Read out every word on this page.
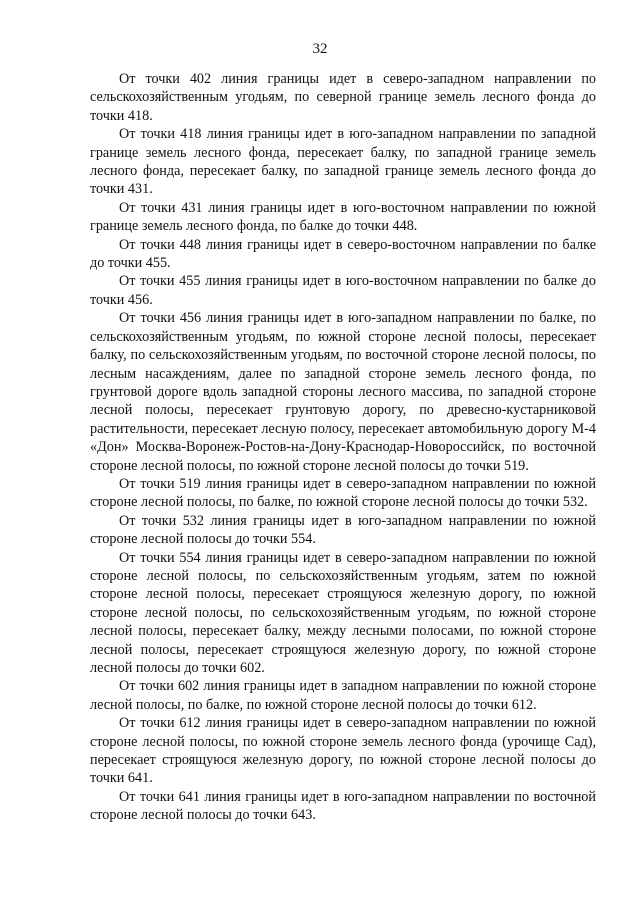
32

От точки 402 линия границы идет в северо-западном направлении по сельскохозяйственным угодьям, по северной границе земель лесного фонда до точки 418.

От точки 418 линия границы идет в юго-западном направлении по западной границе земель лесного фонда, пересекает балку, по западной границе земель лесного фонда, пересекает балку, по западной границе земель лесного фонда до точки 431.

От точки 431 линия границы идет в юго-восточном направлении по южной границе земель лесного фонда, по балке до точки 448.

От точки 448 линия границы идет в северо-восточном направлении по балке до точки 455.

От точки 455 линия границы идет в юго-восточном направлении по балке до точки 456.

От точки 456 линия границы идет в юго-западном направлении по балке, по сельскохозяйственным угодьям, по южной стороне лесной полосы, пересекает балку, по сельскохозяйственным угодьям, по восточной стороне лесной полосы, по лесным насаждениям, далее по западной стороне земель лесного фонда, по грунтовой дороге вдоль западной стороны лесного массива, по западной стороне лесной полосы, пересекает грунтовую дорогу, по древесно-кустарниковой растительности, пересекает лесную полосу, пересекает автомобильную дорогу М-4 «Дон» Москва-Воронеж-Ростов-на-Дону-Краснодар-Новороссийск, по восточной стороне лесной полосы, по южной стороне лесной полосы до точки 519.

От точки 519 линия границы идет в северо-западном направлении по южной стороне лесной полосы, по балке, по южной стороне лесной полосы до точки 532.

От точки 532 линия границы идет в юго-западном направлении по южной стороне лесной полосы до точки 554.

От точки 554 линия границы идет в северо-западном направлении по южной стороне лесной полосы, по сельскохозяйственным угодьям, затем по южной стороне лесной полосы, пересекает строящуюся железную дорогу, по южной стороне лесной полосы, по сельскохозяйственным угодьям, по южной стороне лесной полосы, пересекает балку, между лесными полосами, по южной стороне лесной полосы, пересекает строящуюся железную дорогу, по южной стороне лесной полосы до точки 602.

От точки 602 линия границы идет в западном направлении по южной стороне лесной полосы, по балке, по южной стороне лесной полосы до точки 612.

От точки 612 линия границы идет в северо-западном направлении по южной стороне лесной полосы, по южной стороне земель лесного фонда (урочище Сад), пересекает строящуюся железную дорогу, по южной стороне лесной полосы до точки 641.

От точки 641 линия границы идет в юго-западном направлении по восточной стороне лесной полосы до точки 643.
